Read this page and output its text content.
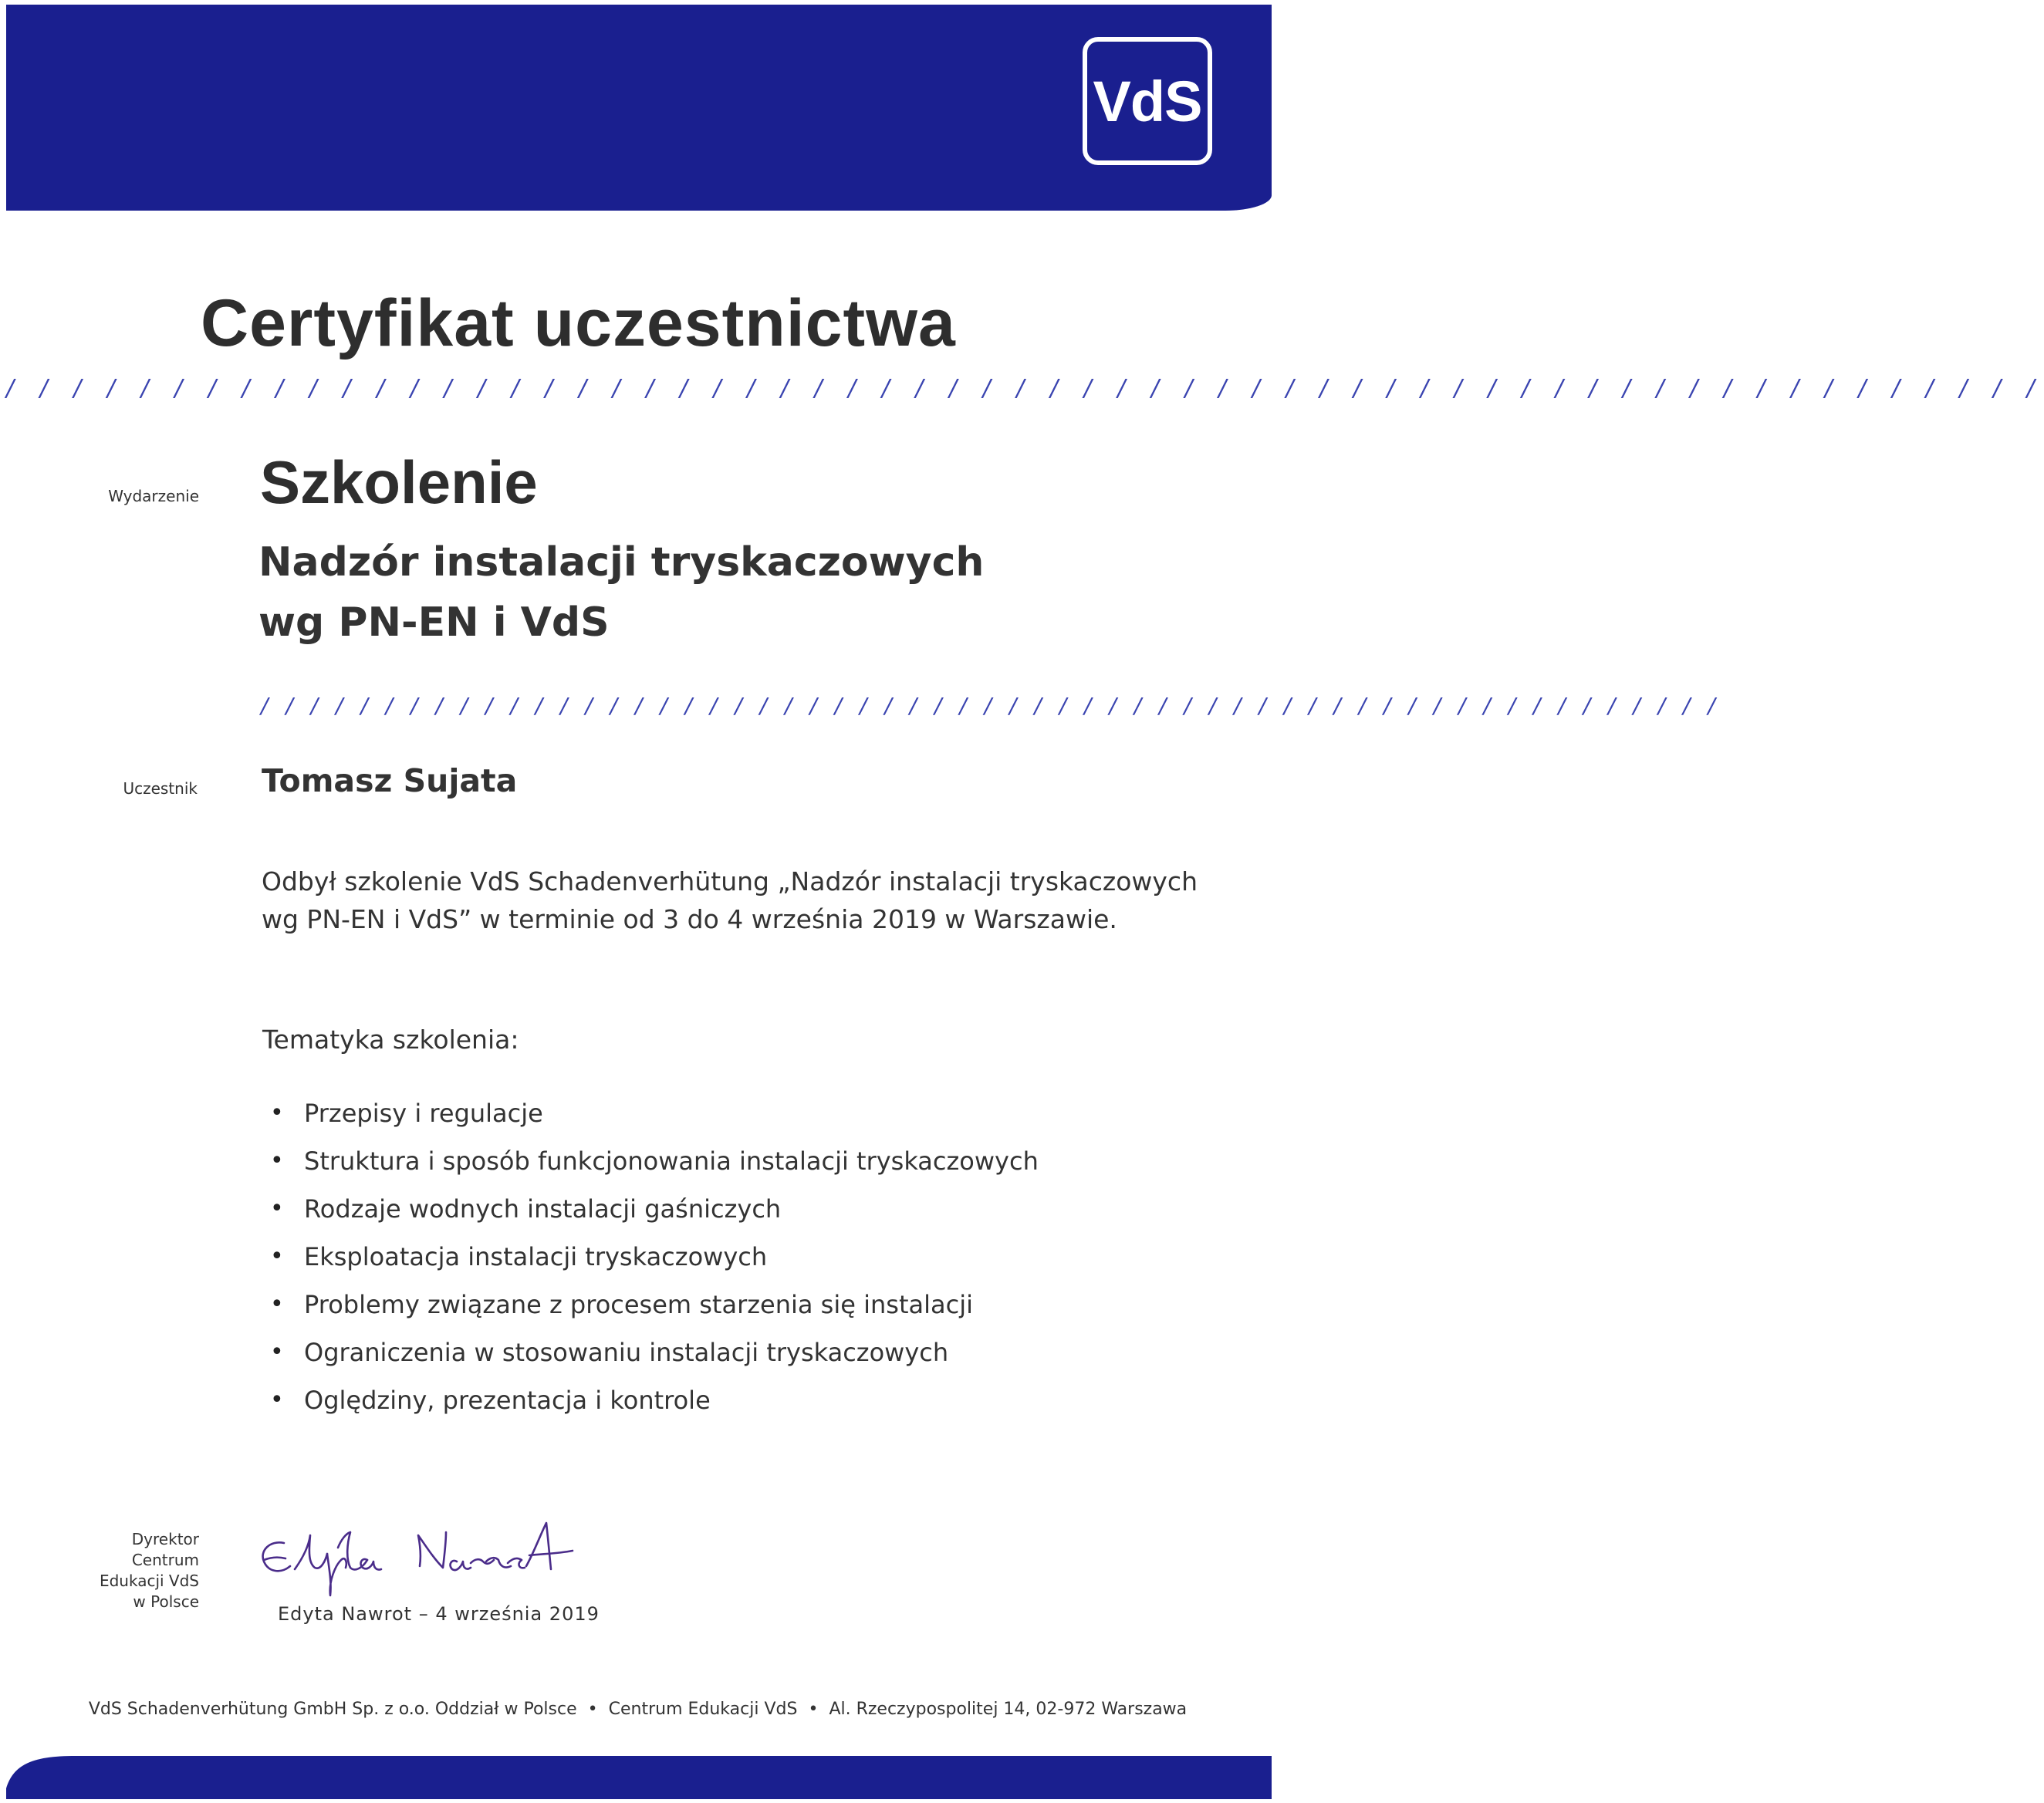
VdS
Certyfikat uczestnictwa
/ / / / / / / / / / / / / / / / / / / / / / / / / / / / / / / / / / / / / / / / / / / / / / / / / / / / / / / / / / / / /
Wydarzenie Szkolenie
Nadzór instalacji tryskaczowych
wg PN-EN i VdS
/ / / / / / / / / / / / / / / / / / / / / / / / / / / / / / / / / / / / / / / / / / / / / / / / / / / / / / / / / / /
Uczestnik Tomasz Sujata
Odbył szkolenie VdS Schadenverhütung „Nadzór instalacji tryskaczowych
wg PN-EN i VdS” w terminie od 3 do 4 września 2019 w Warszawie.
Tematyka szkolenia:
• Przepisy i regulacje
• Struktura i sposób funkcjonowania instalacji tryskaczowych
• Rodzaje wodnych instalacji gaśniczych
• Eksploatacja instalacji tryskaczowych
• Problemy związane z procesem starzenia się instalacji
• Ograniczenia w stosowaniu instalacji tryskaczowych
• Oględziny, prezentacja i kontrole
Dyrektor
Centrum
Edukacji VdS
w Polsce
Edyta Nawrot – 4 września 2019
VdS Schadenverhütung GmbH Sp. z o.o. Oddział w Polsce • Centrum Edukacji VdS • Al. Rzeczypospolitej 14, 02-972 Warszawa
